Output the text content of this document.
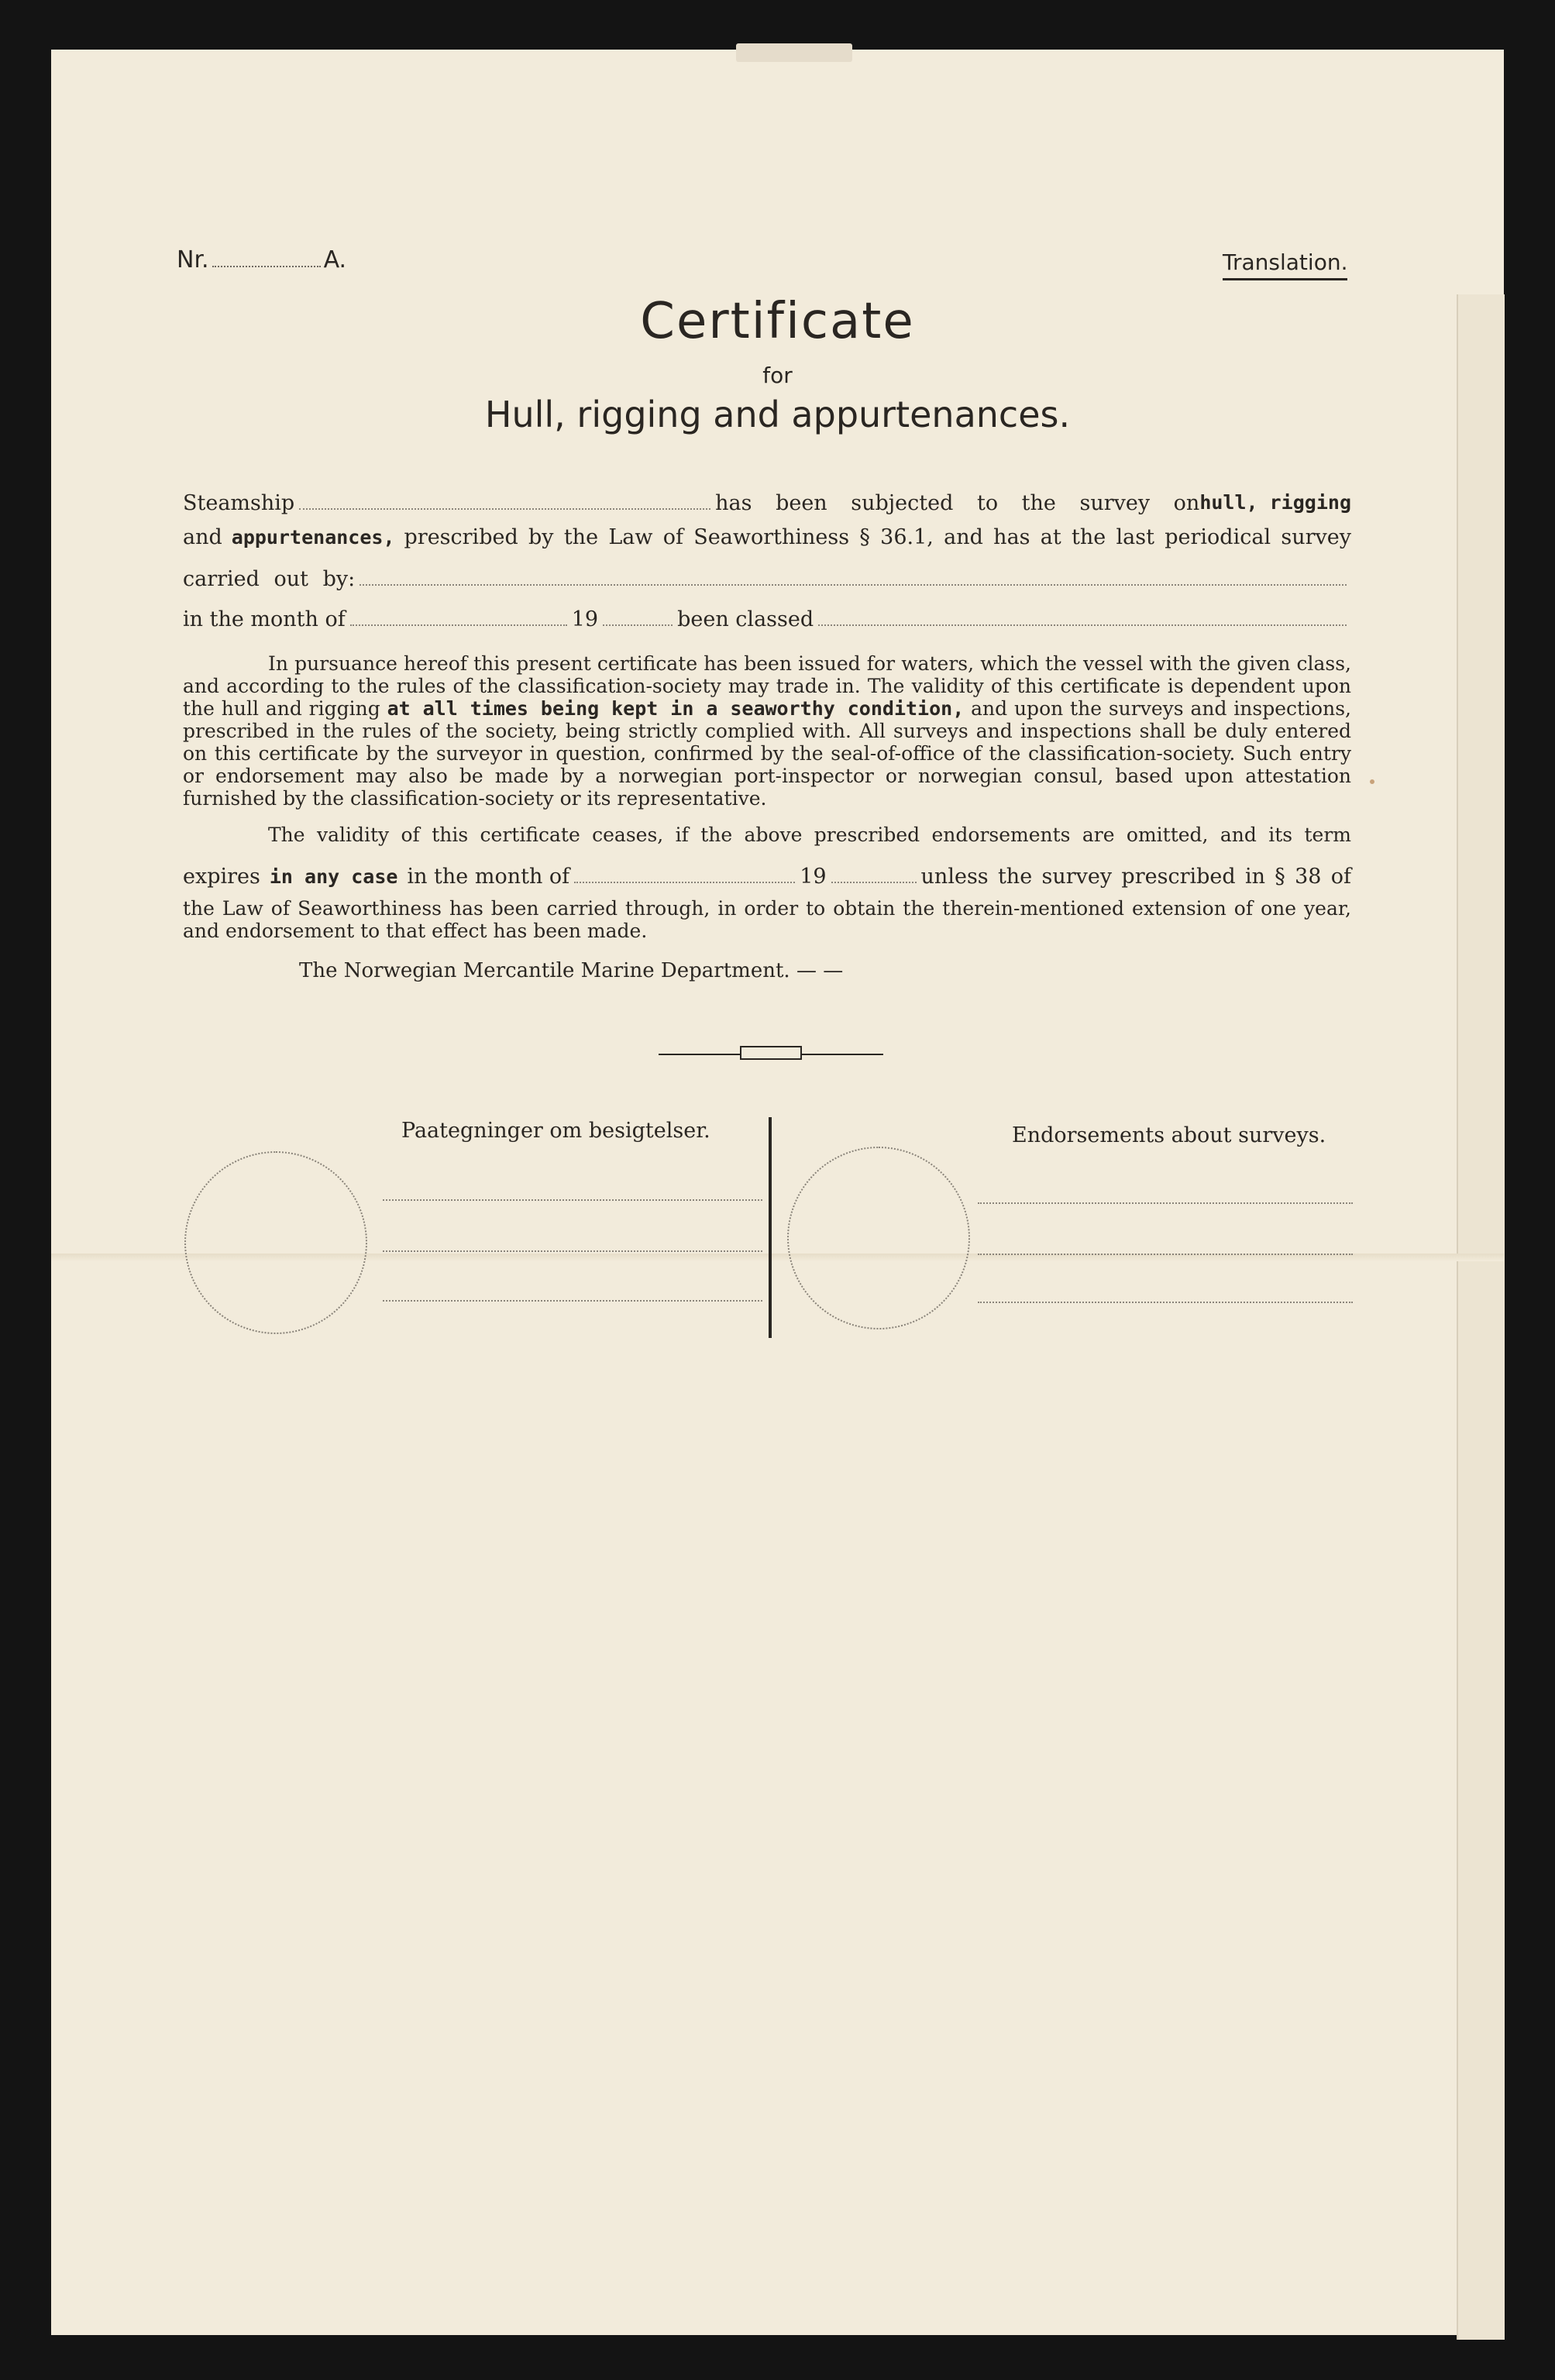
Nr.	A.	Translation.
Certificate
for
Hull, rigging and appurtenances.
Steamship	has been subjected to the survey on hull, rigging
and appurtenances, prescribed by the Law of Seaworthiness § 36.1, and has at the last periodical survey
carried out by:
in the month of	19	been classed
In pursuance hereof this present certificate has been issued for waters, which the vessel with the given class, and according to the rules of the classification-society may trade in. The validity of this certificate is dependent upon the hull and rigging at all times being kept in a seaworthy condition, and upon the surveys and inspections, prescribed in the rules of the society, being strictly complied with. All surveys and inspections shall be duly entered on this certificate by the surveyor in question, confirmed by the seal-of-office of the classification-society. Such entry or endorsement may also be made by a norwegian port-inspector or norwegian consul, based upon attestation furnished by the classification-society or its representative.
The validity of this certificate ceases, if the above prescribed endorsements are omitted, and its term
expires in any case in the month of	19	unless the survey prescribed in § 38 of
the Law of Seaworthiness has been carried through, in order to obtain the therein-mentioned extension of one year, and endorsement to that effect has been made.
The Norwegian Mercantile Marine Department. — —
Paategninger om besigtelser.	Endorsements about surveys.
